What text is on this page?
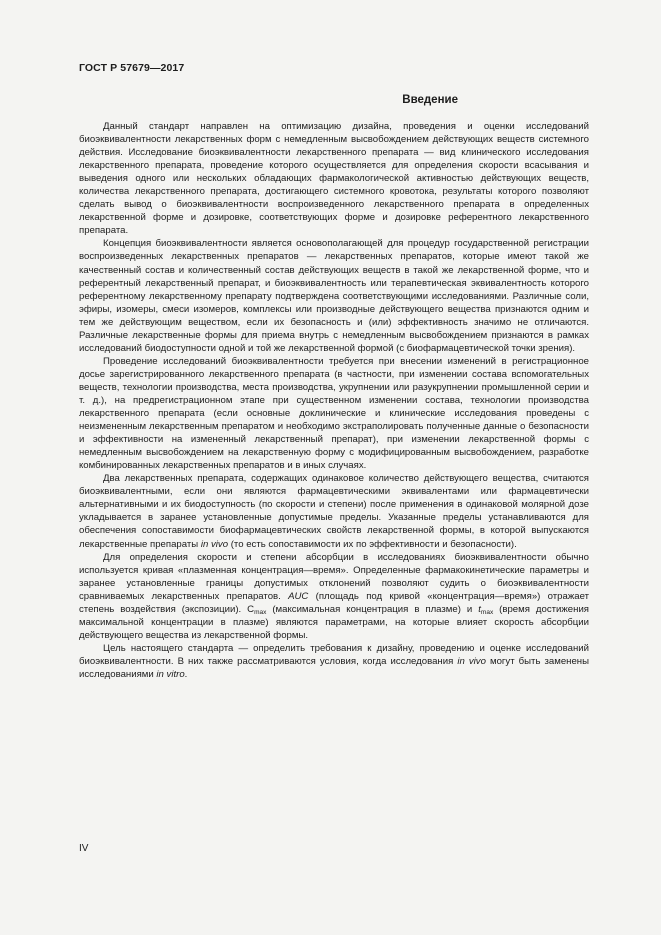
ГОСТ Р 57679—2017
Введение

Данный стандарт направлен на оптимизацию дизайна, проведения и оценки исследований биоэквивалентности лекарственных форм с немедленным высвобождением действующих веществ системного действия. Исследование биоэквивалентности лекарственного препарата — вид клинического исследования лекарственного препарата, проведение которого осуществляется для определения скорости всасывания и выведения одного или нескольких обладающих фармакологической активностью действующих веществ, количества лекарственного препарата, достигающего системного кровотока, результаты которого позволяют сделать вывод о биоэквивалентности воспроизведенного лекарственного препарата в определенных лекарственной форме и дозировке, соответствующих форме и дозировке референтного лекарственного препарата.

Концепция биоэквивалентности является основополагающей для процедур государственной регистрации воспроизведенных лекарственных препаратов — лекарственных препаратов, которые имеют такой же качественный состав и количественный состав действующих веществ в такой же лекарственной форме, что и референтный лекарственный препарат, и биоэквивалентность или терапевтическая эквивалентность которого референтному лекарственному препарату подтверждена соответствующими исследованиями. Различные соли, эфиры, изомеры, смеси изомеров, комплексы или производные действующего вещества признаются одним и тем же действующим веществом, если их безопасность и (или) эффективность значимо не отличаются. Различные лекарственные формы для приема внутрь с немедленным высвобождением признаются в рамках исследований биодоступности одной и той же лекарственной формой (с биофармацевтической точки зрения).

Проведение исследований биоэквивалентности требуется при внесении изменений в регистрационное досье зарегистрированного лекарственного препарата (в частности, при изменении состава вспомогательных веществ, технологии производства, места производства, укрупнении или разукрупнении промышленной серии и т. д.), на предрегистрационном этапе при существенном изменении состава, технологии производства лекарственного препарата (если основные доклинические и клинические исследования проведены с неизмененным лекарственным препаратом и необходимо экстраполировать полученные данные о безопасности и эффективности на измененный лекарственный препарат), при изменении лекарственной формы с немедленным высвобождением на лекарственную форму с модифицированным высвобождением, разработке комбинированных лекарственных препаратов и в иных случаях.

Два лекарственных препарата, содержащих одинаковое количество действующего вещества, считаются биоэквивалентными, если они являются фармацевтическими эквивалентами или фармацевтически альтернативными и их биодоступность (по скорости и степени) после применения в одинаковой молярной дозе укладывается в заранее установленные допустимые пределы. Указанные пределы устанавливаются для обеспечения сопоставимости биофармацевтических свойств лекарственной формы, в которой выпускаются лекарственные препараты in vivo (то есть сопоставимости их по эффективности и безопасности).

Для определения скорости и степени абсорбции в исследованиях биоэквивалентности обычно используется кривая «плазменная концентрация—время». Определенные фармакокинетические параметры и заранее установленные границы допустимых отклонений позволяют судить о биоэквивалентности сравниваемых лекарственных препаратов. AUC (площадь под кривой «концентрация—время») отражает степень воздействия (экспозиции). $C_{max}$ (максимальная концентрация в плазме) и $t_{max}$ (время достижения максимальной концентрации в плазме) являются параметрами, на которые влияет скорость абсорбции действующего вещества из лекарственной формы.

Цель настоящего стандарта — определить требования к дизайну, проведению и оценке исследований биоэквивалентности. В них также рассматриваются условия, когда исследования in vivo могут быть заменены исследованиями in vitro.

IV
